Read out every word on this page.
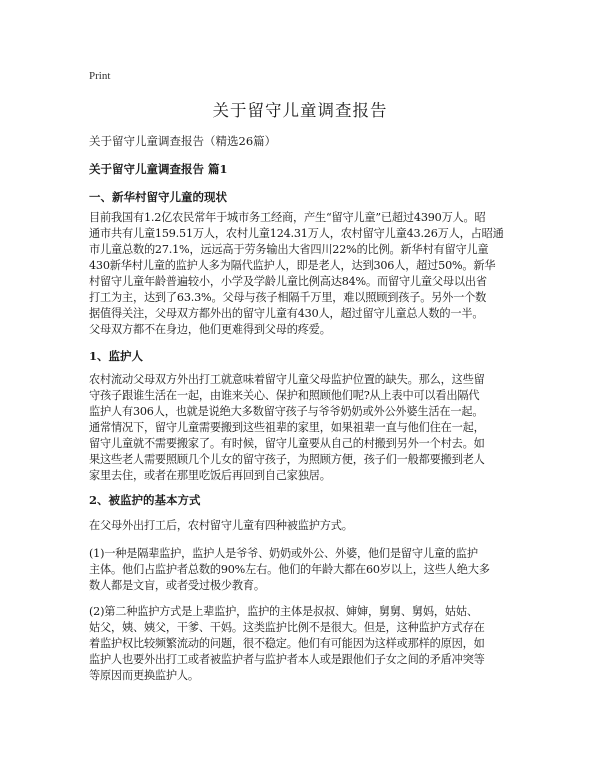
Print
关于留守儿童调查报告

关于留守儿童调查报告（精选26篇）

关于留守儿童调查报告 篇1

一、新华村留守儿童的现状

目前我国有1.2亿农民常年于城市务工经商，产生“留守儿童”已超过4390万人。昭
通市共有儿童159.51万人，农村儿童124.31万人，农村留守儿童43.26万人，占昭通
市儿童总数的27.1%，远远高于劳务输出大省四川22%的比例。新华村有留守儿童
430新华村儿童的监护人多为隔代监护人，即是老人，达到306人，超过50%。新华
村留守儿童年龄普遍较小，小学及学龄儿童比例高达84%。而留守儿童父母以出省
打工为主，达到了63.3%。父母与孩子相隔千万里，难以照顾到孩子。另外一个数
据值得关注，父母双方都外出的留守儿童有430人，超过留守儿童总人数的一半。
父母双方都不在身边，他们更难得到父母的疼爱。

1、监护人

农村流动父母双方外出打工就意味着留守儿童父母监护位置的缺失。那么，这些留
守孩子跟谁生活在一起，由谁来关心、保护和照顾他们呢?从上表中可以看出隔代
监护人有306人，也就是说绝大多数留守孩子与爷爷奶奶或外公外婆生活在一起。
通常情况下，留守儿童需要搬到这些祖辈的家里，如果祖辈一直与他们住在一起，
留守儿童就不需要搬家了。有时候，留守儿童要从自己的村搬到另外一个村去。如
果这些老人需要照顾几个儿女的留守孩子，为照顾方便，孩子们一般都要搬到老人
家里去住，或者在那里吃饭后再回到自己家独居。

2、被监护的基本方式

在父母外出打工后，农村留守儿童有四种被监护方式。

(1)一种是隔辈监护，监护人是爷爷、奶奶或外公、外婆，他们是留守儿童的监护
主体。他们占监护者总数的90%左右。他们的年龄大都在60岁以上，这些人绝大多
数人都是文盲，或者受过极少教育。

(2)第二种监护方式是上辈监护，监护的主体是叔叔、婶婶，舅舅、舅妈，姑姑、
姑父，姨、姨父，干爹、干妈。这类监护比例不是很大。但是，这种监护方式存在
着监护权比较频繁流动的问题，很不稳定。他们有可能因为这样或那样的原因，如
监护人也要外出打工或者被监护者与监护者本人或是跟他们子女之间的矛盾冲突等
等原因而更换监护人。
